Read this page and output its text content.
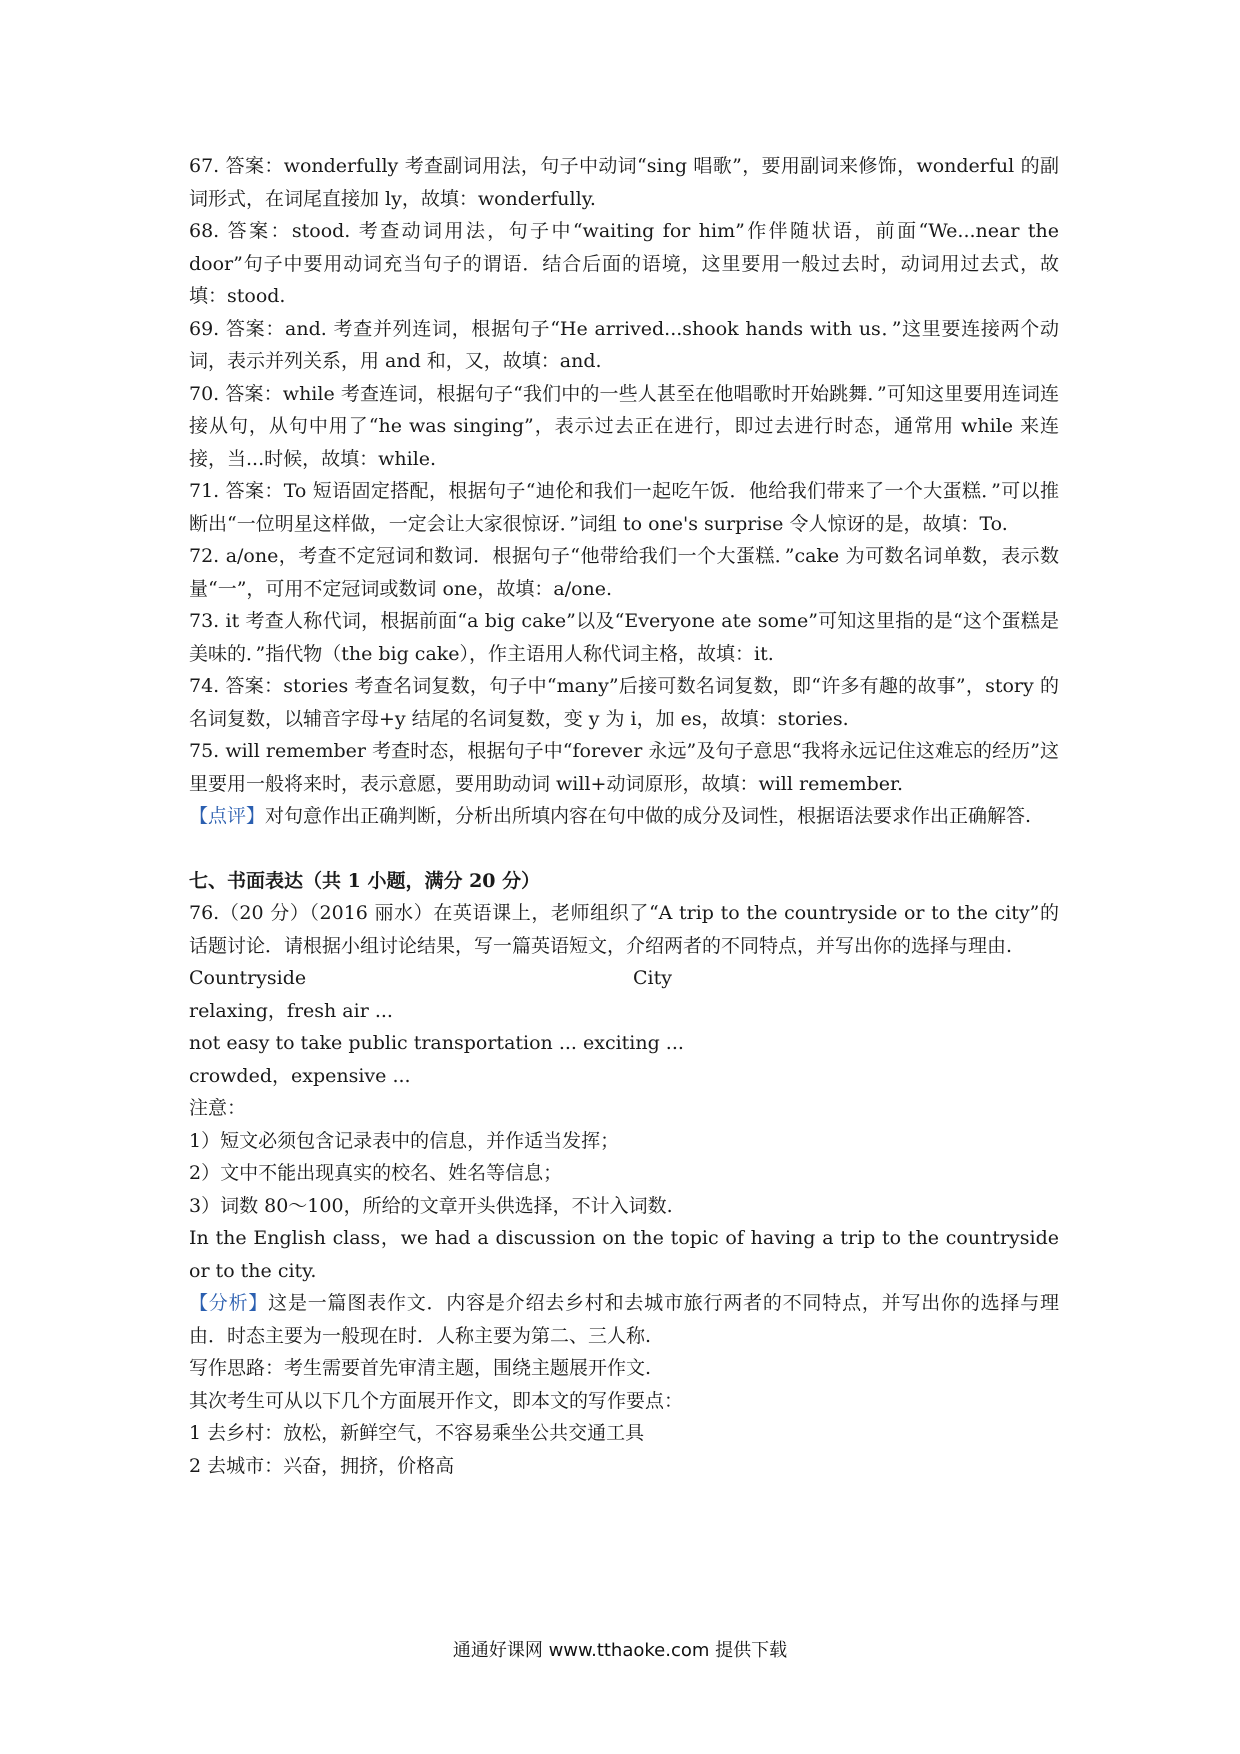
67. 答案：wonderfully 考查副词用法，句子中动词“sing 唱歌”，要用副词来修饰，wonderful 的副词形式，在词尾直接加 ly，故填：wonderfully.

68. 答案：stood. 考查动词用法，句子中“waiting for him”作伴随状语，前面“We...near the door”句子中要用动词充当句子的谓语．结合后面的语境，这里要用一般过去时，动词用过去式，故填：stood.

69. 答案：and. 考查并列连词，根据句子“He arrived...shook hands with us．”这里要连接两个动词，表示并列关系，用 and 和，又，故填：and.

70. 答案：while 考查连词，根据句子“我们中的一些人甚至在他唱歌时开始跳舞．”可知这里要用连词连接从句，从句中用了“he was singing”，表示过去正在进行，即过去进行时态，通常用 while 来连接，当...时候，故填：while.

71. 答案：To 短语固定搭配，根据句子“迪伦和我们一起吃午饭．他给我们带来了一个大蛋糕．”可以推断出“一位明星这样做，一定会让大家很惊讶．”词组 to one's surprise 令人惊讶的是，故填：To.

72. a/one，考查不定冠词和数词．根据句子“他带给我们一个大蛋糕．”cake 为可数名词单数，表示数量“一”，可用不定冠词或数词 one，故填：a/one.

73. it 考查人称代词，根据前面“a big cake”以及“Everyone ate some”可知这里指的是“这个蛋糕是美味的．”指代物（the big cake），作主语用人称代词主格，故填：it.

74. 答案：stories 考查名词复数，句子中“many”后接可数名词复数，即“许多有趣的故事”，story 的名词复数，以辅音字母+y 结尾的名词复数，变 y 为 i，加 es，故填：stories.

75. will remember 考查时态，根据句子中“forever 永远”及句子意思“我将永远记住这难忘的经历”这里要用一般将来时，表示意愿，要用助动词 will+动词原形，故填：will remember.

【点评】对句意作出正确判断，分析出所填内容在句中做的成分及词性，根据语法要求作出正确解答.

七、书面表达（共 1 小题，满分 20 分）

76.（20 分）（2016 丽水）在英语课上，老师组织了“A trip to the countryside or to the city”的话题讨论．请根据小组讨论结果，写一篇英语短文，介绍两者的不同特点，并写出你的选择与理由.

Countryside	City

relaxing，fresh air ...

not easy to take public transportation ... exciting ...

crowded，expensive ...

注意：

1）短文必须包含记录表中的信息，并作适当发挥；

2）文中不能出现真实的校名、姓名等信息；

3）词数 80～100，所给的文章开头供选择，不计入词数.

In the English class，we had a discussion on the topic of having a trip to the countryside or to the city.

【分析】这是一篇图表作文．内容是介绍去乡村和去城市旅行两者的不同特点，并写出你的选择与理由．时态主要为一般现在时．人称主要为第二、三人称.

写作思路：考生需要首先审清主题，围绕主题展开作文.

其次考生可从以下几个方面展开作文，即本文的写作要点：

1 去乡村：放松，新鲜空气，不容易乘坐公共交通工具

2 去城市：兴奋，拥挤，价格高

通通好课网 www.tthaoke.com 提供下载
